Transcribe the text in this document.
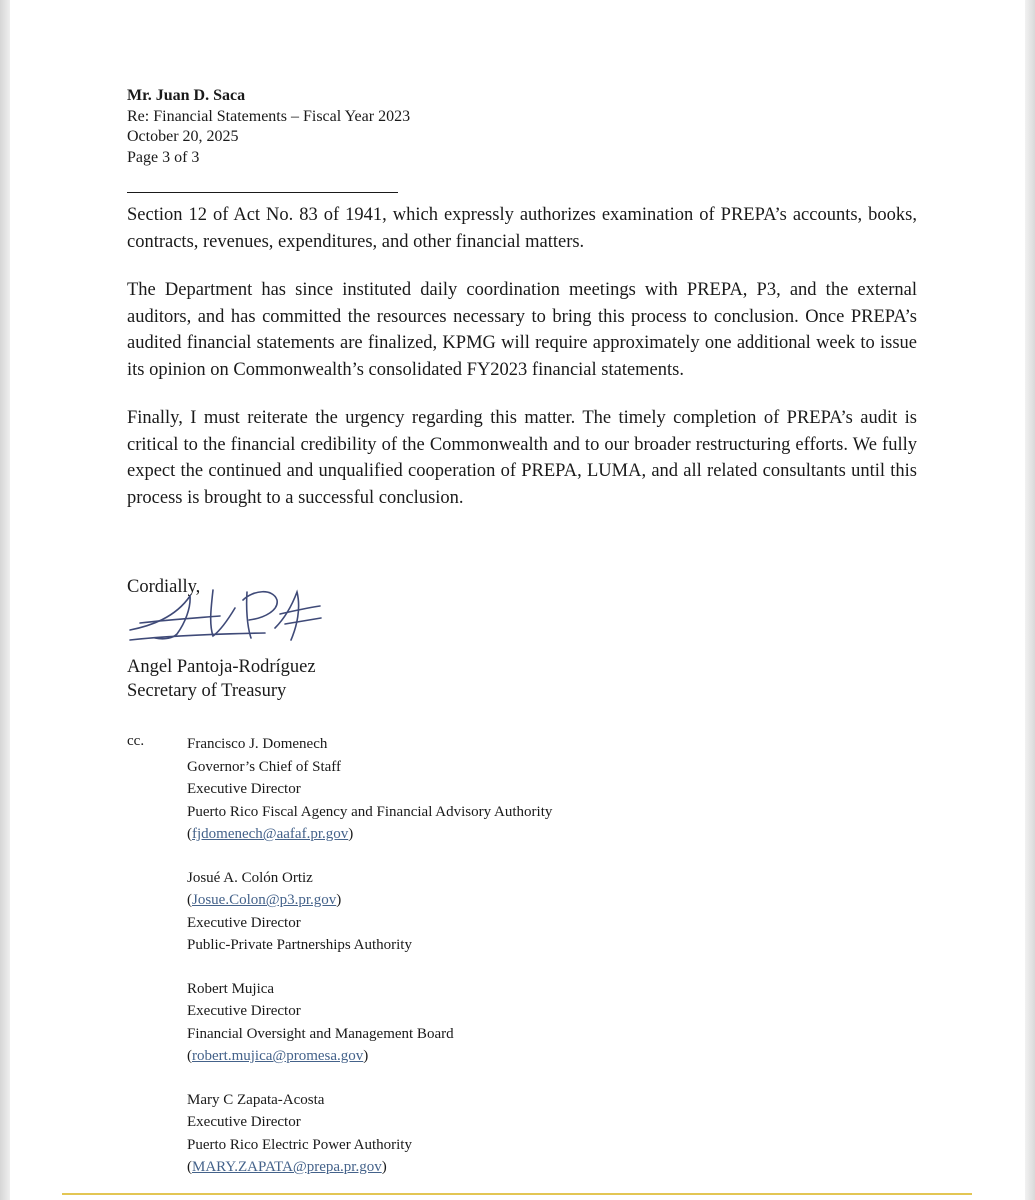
Mr. Juan D. Saca
Re: Financial Statements – Fiscal Year 2023
October 20, 2025
Page 3 of 3

Section 12 of Act No. 83 of 1941, which expressly authorizes examination of PREPA’s accounts, books, contracts, revenues, expenditures, and other financial matters.

The Department has since instituted daily coordination meetings with PREPA, P3, and the external auditors, and has committed the resources necessary to bring this process to conclusion. Once PREPA’s audited financial statements are finalized, KPMG will require approximately one additional week to issue its opinion on Commonwealth’s consolidated FY2023 financial statements.

Finally, I must reiterate the urgency regarding this matter. The timely completion of PREPA’s audit is critical to the financial credibility of the Commonwealth and to our broader restructuring efforts. We fully expect the continued and unqualified cooperation of PREPA, LUMA, and all related consultants until this process is brought to a successful conclusion.

Cordially,
Angel Pantoja-Rodríguez
Secretary of Treasury
cc.	Francisco J. Domenech
Governor’s Chief of Staff
Executive Director
Puerto Rico Fiscal Agency and Financial Advisory Authority
(fjdomenech@aafaf.pr.gov)
Josué A. Colón Ortiz
(Josue.Colon@p3.pr.gov)
Executive Director
Public-Private Partnerships Authority
Robert Mujica
Executive Director
Financial Oversight and Management Board
(robert.mujica@promesa.gov)
Mary C Zapata-Acosta
Executive Director
Puerto Rico Electric Power Authority
(MARY.ZAPATA@prepa.pr.gov)
